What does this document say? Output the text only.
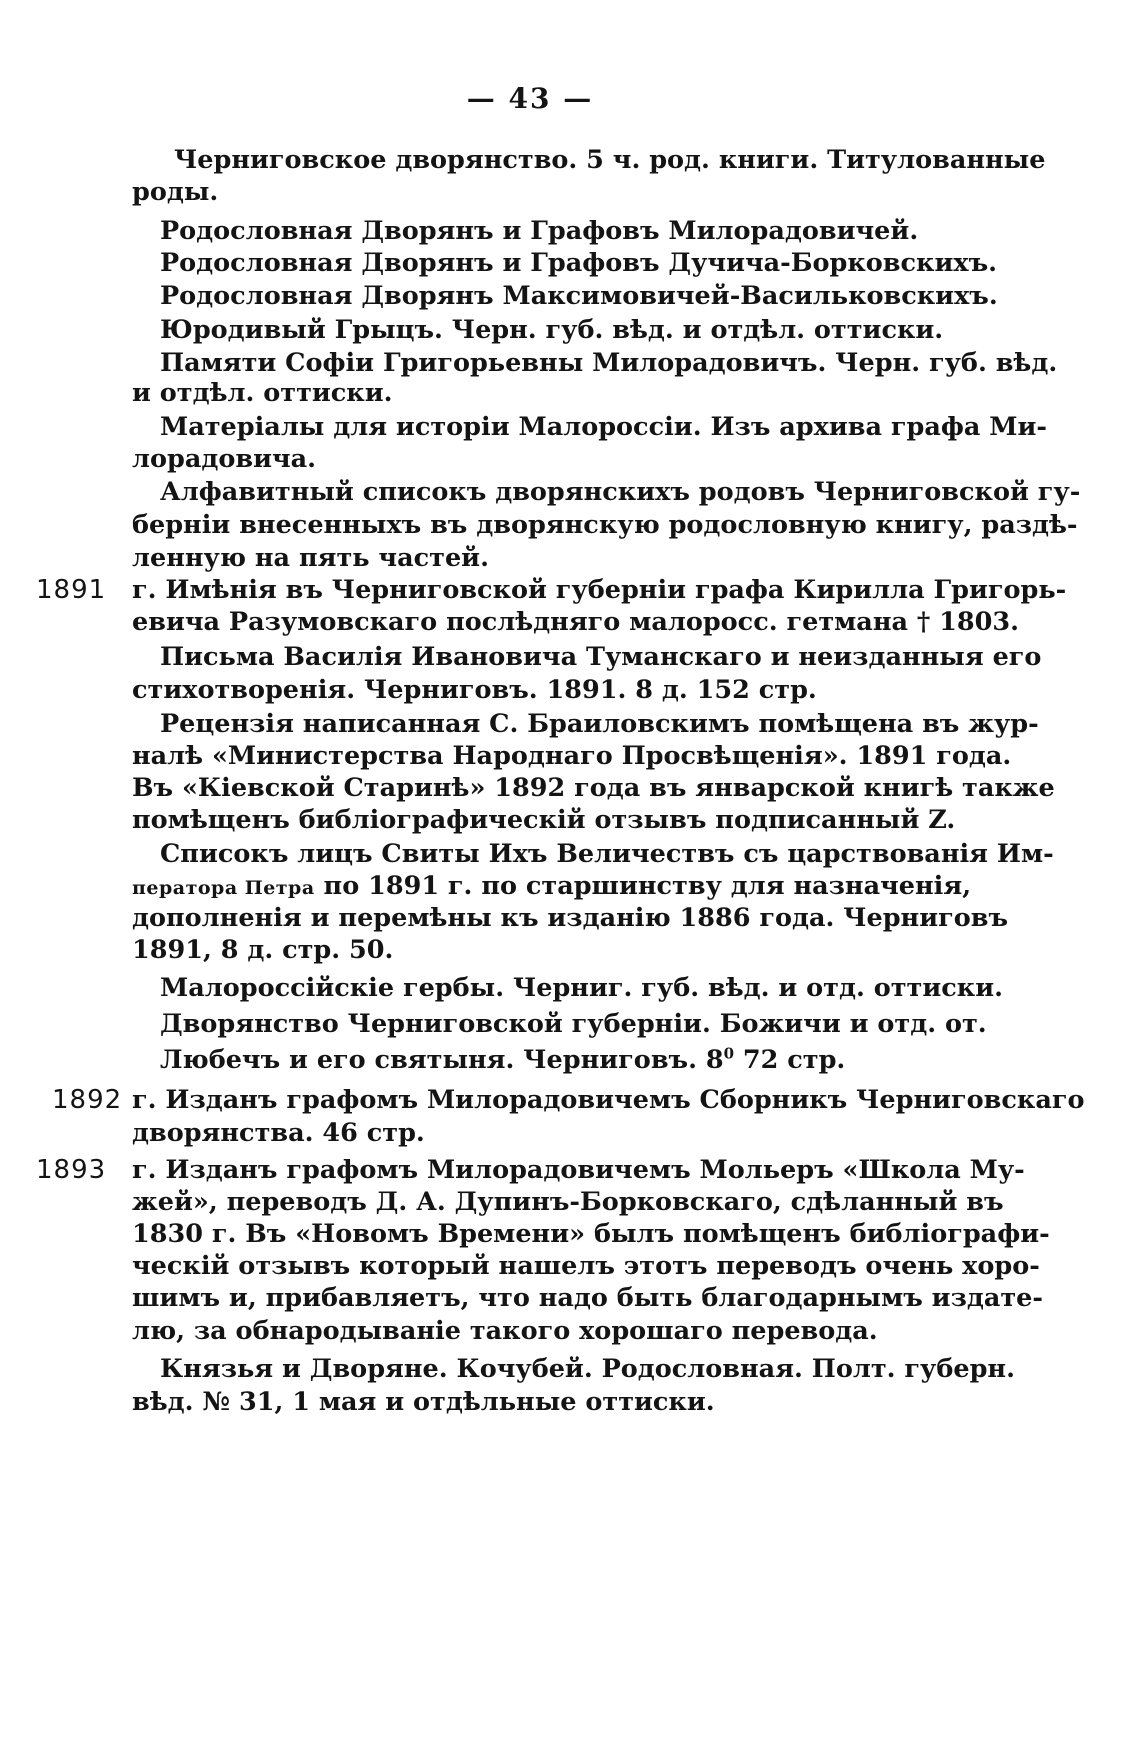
— 43 —
Черниговское дворянство. 5 ч. род. книги. Титулованные
роды.
Родословная Дворянъ и Графовъ Милорадовичей.
Родословная Дворянъ и Графовъ Дучича-Борковскихъ.
Родословная Дворянъ Максимовичей-Васильковскихъ.
Юродивый Грыцъ. Черн. губ. вѣд. и отдѣл. оттиски.
Памяти Софіи Григорьевны Милорадовичъ. Черн. губ. вѣд.
и отдѣл. оттиски.
Матеріалы для исторіи Малороссіи. Изъ архива графа Ми-
лорадовича.
Алфавитный списокъ дворянскихъ родовъ Черниговской гу-
берніи внесенныхъ въ дворянскую родословную книгу, раздѣ-
ленную на пять частей.
1891 г. Имѣнія въ Черниговской губерніи графа Кирилла Григорь-
евича Разумовскаго послѣдняго малоросс. гетмана † 1803.
Письма Василія Ивановича Туманскаго и неизданныя его
стихотворенія. Черниговъ. 1891. 8 д. 152 стр.
Рецензія написанная С. Браиловскимъ помѣщена въ жур-
налѣ «Министерства Народнаго Просвѣщенія». 1891 года.
Въ «Кіевской Старинѣ» 1892 года въ январской книгѣ также
помѣщенъ библіографическій отзывъ подписанный Z.
Списокъ лицъ Свиты Ихъ Величествъ съ царствованія Им-
ператора Петра по 1891 г. по старшинству для назначенія,
дополненія и перемѣны къ изданію 1886 года. Черниговъ
1891, 8 д. стр. 50.
Малороссійскіе гербы. Черниг. губ. вѣд. и отд. оттиски.
Дворянство Черниговской губерніи. Божичи и отд. от.
Любечъ и его святыня. Черниговъ. $8^0$ 72 стр.
1892 г. Изданъ графомъ Милорадовичемъ Сборникъ Черниговскаго
дворянства. 46 стр.
1893 г. Изданъ графомъ Милорадовичемъ Мольеръ «Школа Му-
жей», переводъ Д. А. Дупинъ-Борковскаго, сдѣланный въ
1830 г. Въ «Новомъ Времени» былъ помѣщенъ библіографи-
ческій отзывъ который нашелъ этотъ переводъ очень хоро-
шимъ и, прибавляетъ, что надо быть благодарнымъ издате-
лю, за обнародываніе такого хорошаго перевода.
Князья и Дворяне. Кочубей. Родословная. Полт. губерн.
вѣд. № 31, 1 мая и отдѣльные оттиски.
